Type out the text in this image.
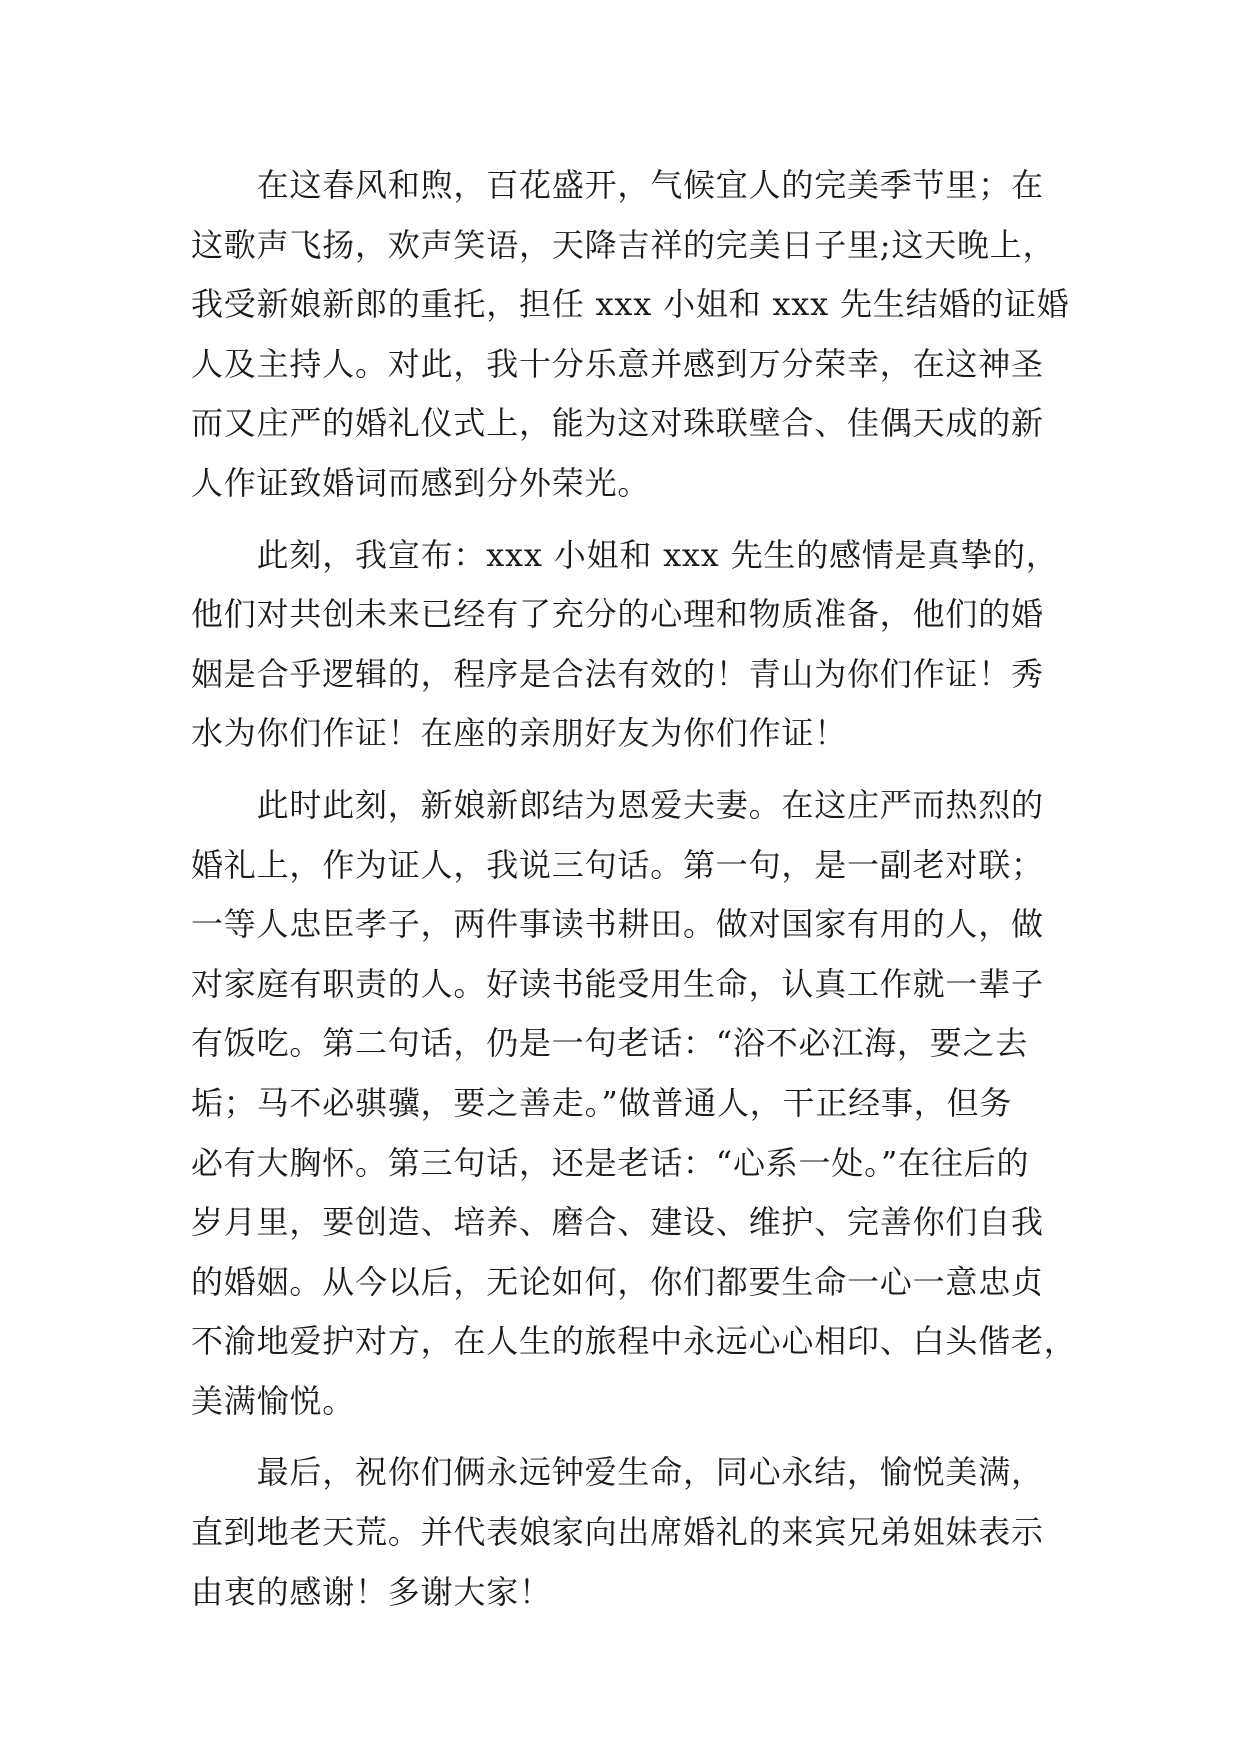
　　在这春风和煦，百花盛开，气候宜人的完美季节里；在
这歌声飞扬，欢声笑语，天降吉祥的完美日子里;这天晚上，
我受新娘新郎的重托，担任 xxx 小姐和 xxx 先生结婚的证婚
人及主持人。对此，我十分乐意并感到万分荣幸，在这神圣
而又庄严的婚礼仪式上，能为这对珠联壁合、佳偶天成的新
人作证致婚词而感到分外荣光。
　　此刻，我宣布：xxx 小姐和 xxx 先生的感情是真挚的，
他们对共创未来已经有了充分的心理和物质准备，他们的婚
姻是合乎逻辑的，程序是合法有效的！青山为你们作证！秀
水为你们作证！在座的亲朋好友为你们作证！
　　此时此刻，新娘新郎结为恩爱夫妻。在这庄严而热烈的
婚礼上，作为证人，我说三句话。第一句，是一副老对联；
一等人忠臣孝子，两件事读书耕田。做对国家有用的人，做
对家庭有职责的人。好读书能受用生命，认真工作就一辈子
有饭吃。第二句话，仍是一句老话：“浴不必江海，要之去
垢；马不必骐骥，要之善走。”做普通人，干正经事，但务
必有大胸怀。第三句话，还是老话：“心系一处。”在往后的
岁月里，要创造、培养、磨合、建设、维护、完善你们自我
的婚姻。从今以后，无论如何，你们都要生命一心一意忠贞
不渝地爱护对方，在人生的旅程中永远心心相印、白头偕老，
美满愉悦。
　　最后，祝你们俩永远钟爱生命，同心永结，愉悦美满，
直到地老天荒。并代表娘家向出席婚礼的来宾兄弟姐妹表示
由衷的感谢！多谢大家！
